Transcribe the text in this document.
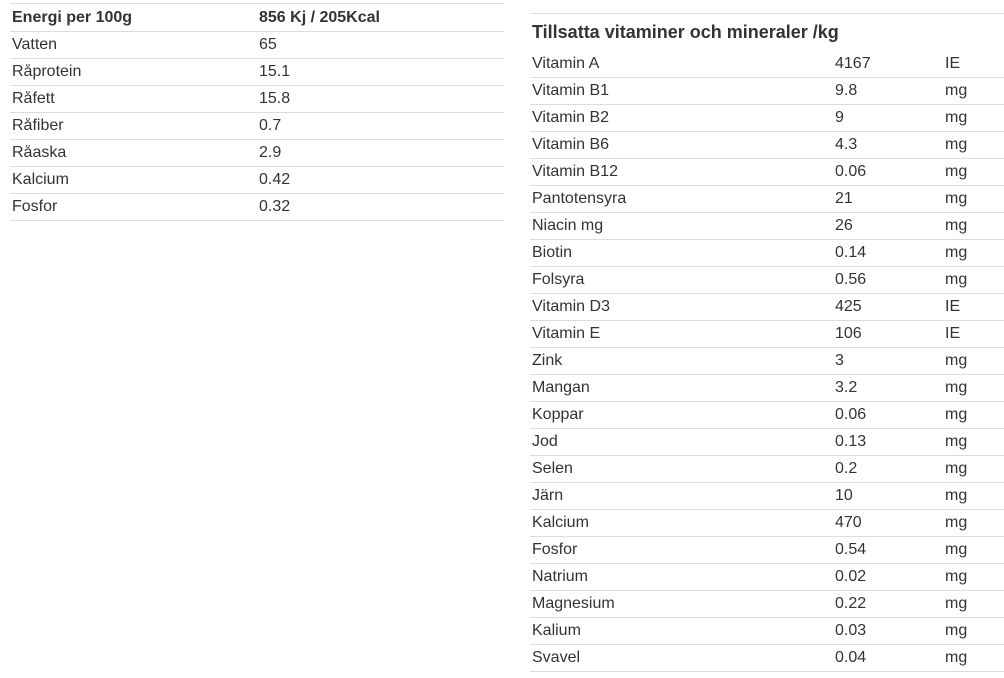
Energi per 100g	856 Kj / 205Kcal
Vatten	65
Råprotein	15.1
Råfett	15.8
Råfiber	0.7
Råaska	2.9
Kalcium	0.42
Fosfor	0.32
Tillsatta vitaminer och mineraler /kg
Vitamin A	4167	IE
Vitamin B1	9.8	mg
Vitamin B2	9	mg
Vitamin B6	4.3	mg
Vitamin B12	0.06	mg
Pantotensyra	21	mg
Niacin mg	26	mg
Biotin	0.14	mg
Folsyra	0.56	mg
Vitamin D3	425	IE
Vitamin E	106	IE
Zink	3	mg
Mangan	3.2	mg
Koppar	0.06	mg
Jod	0.13	mg
Selen	0.2	mg
Järn	10	mg
Kalcium	470	mg
Fosfor	0.54	mg
Natrium	0.02	mg
Magnesium	0.22	mg
Kalium	0.03	mg
Svavel	0.04	mg
